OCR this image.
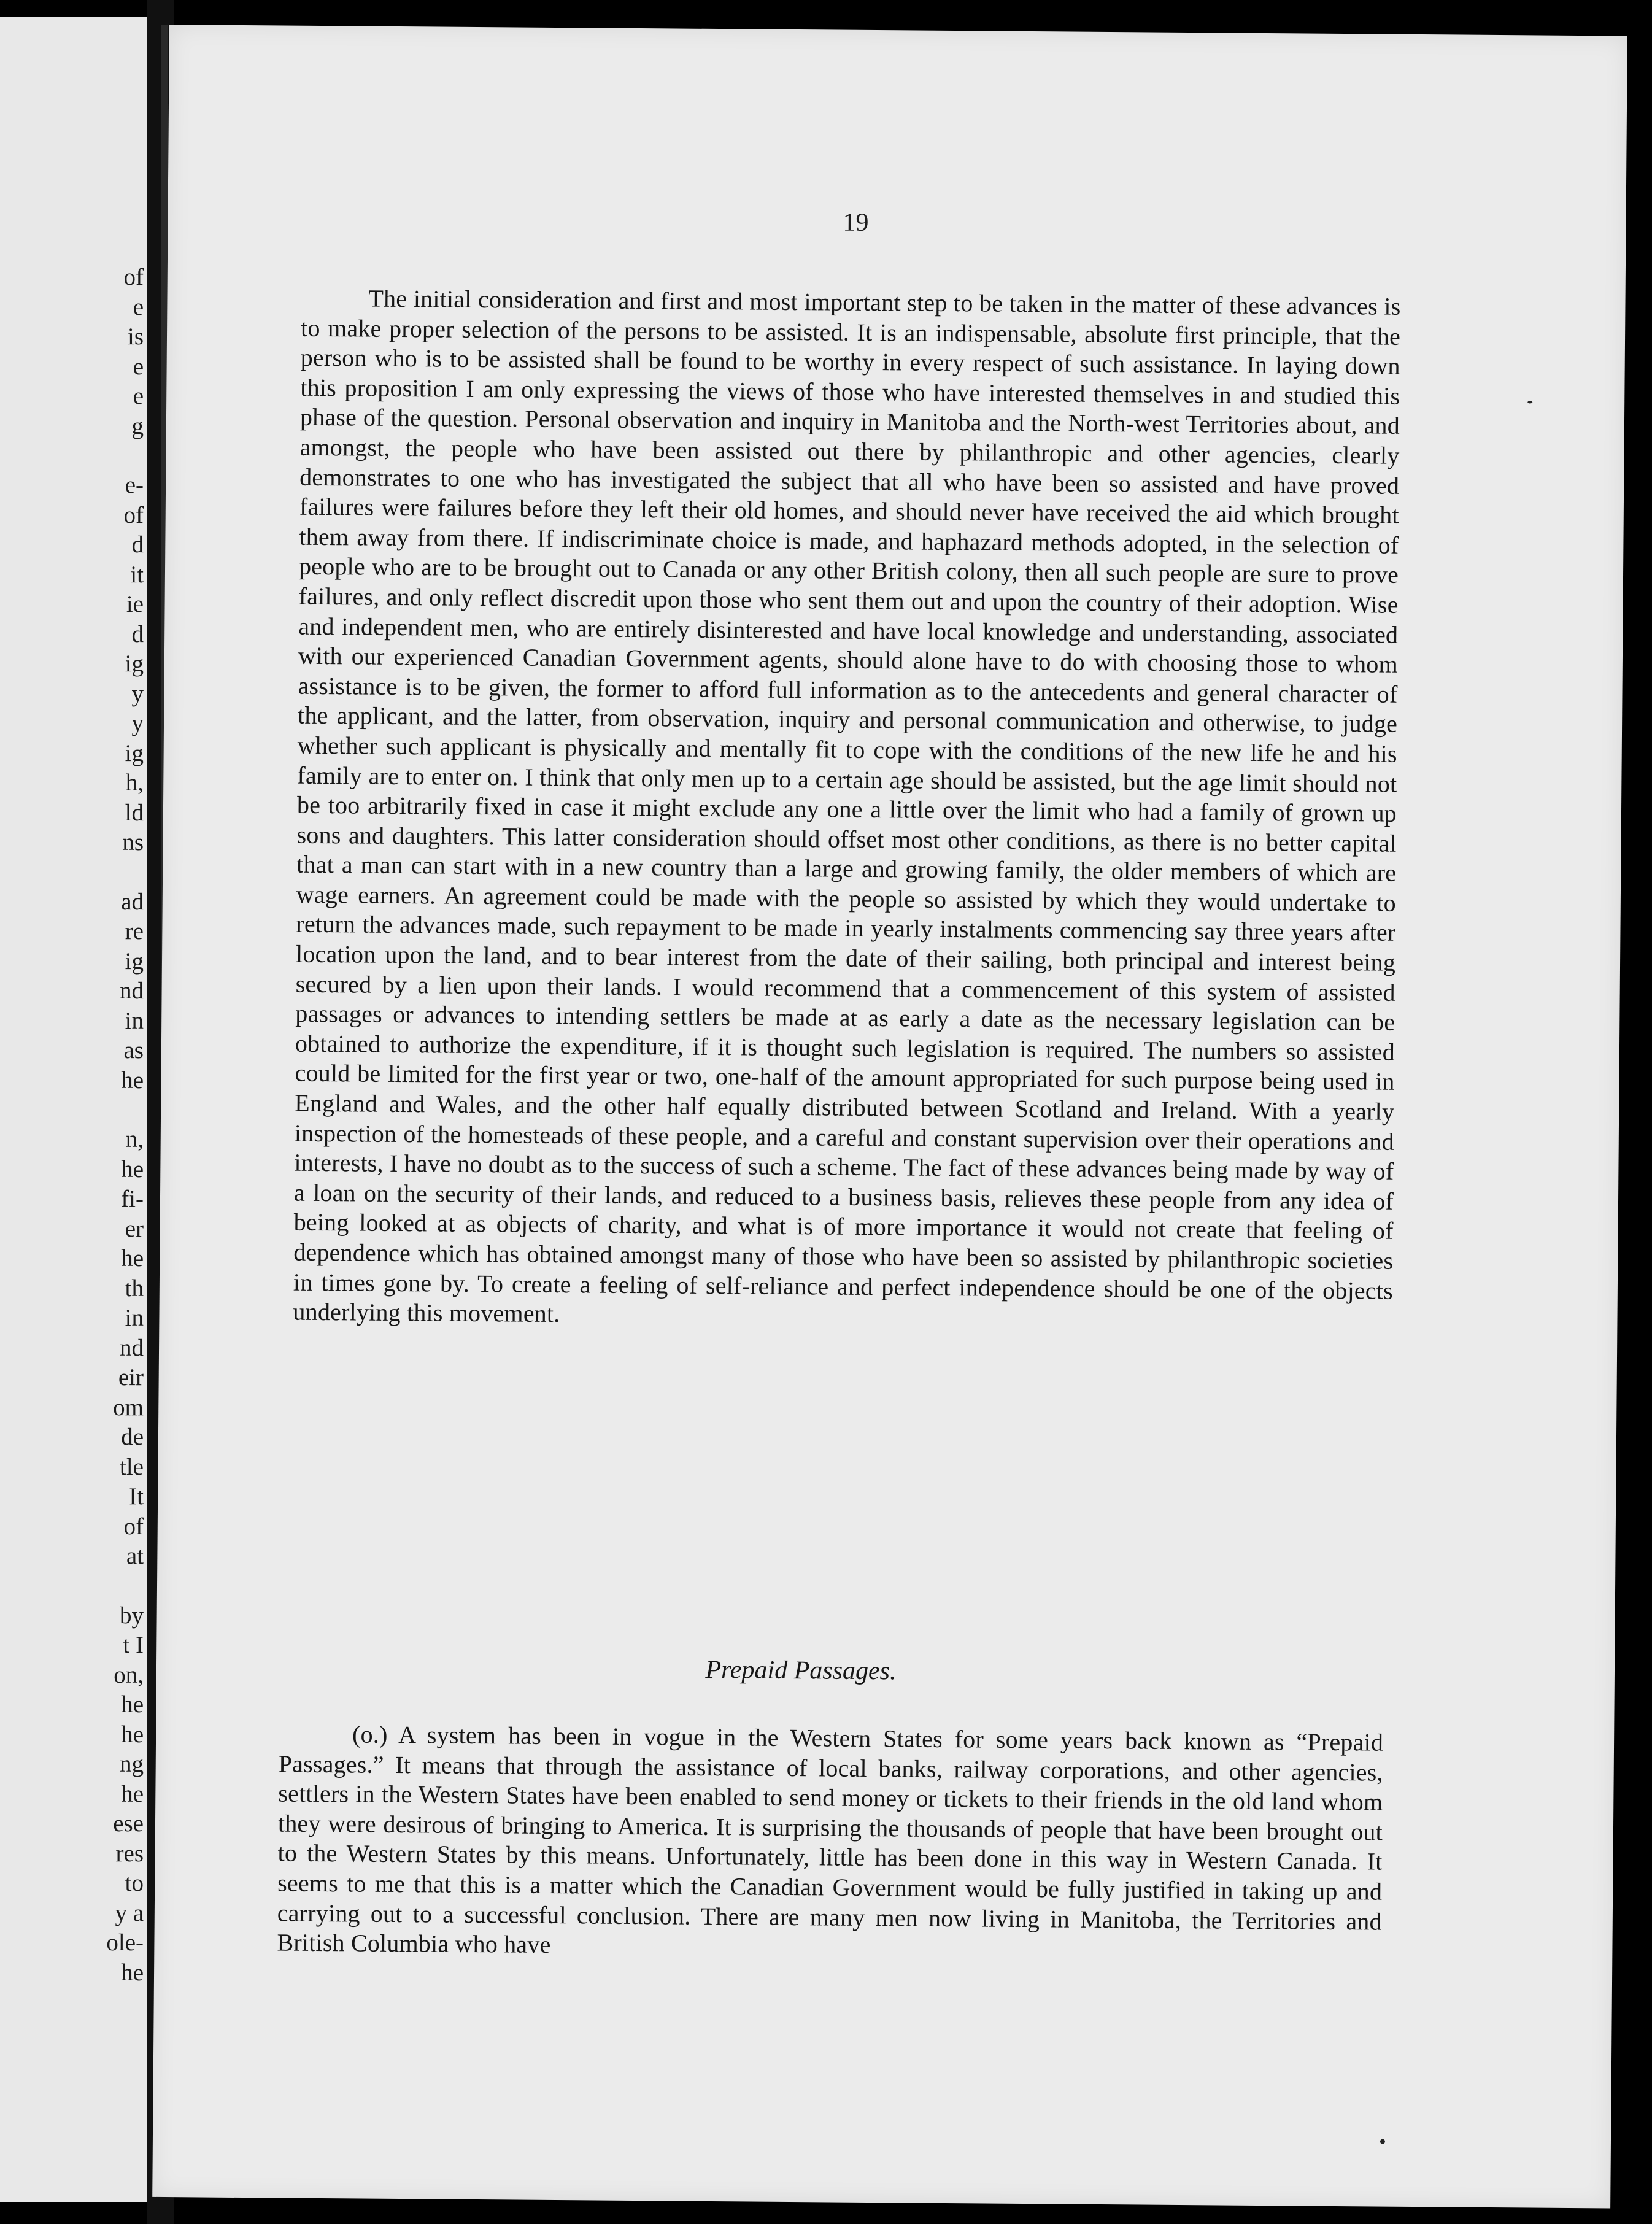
of
e
is
e
e
g
e-
of
d
it
ie
d
ig
y
y
ig
h,
ld
ns
ad
re
ig
nd
in
as
he
n,
he
fi-
er
he
th
in
nd
eir
om
de
tle
It
of
at
by
t I
on,
he
he
ng
he
ese
res
to
y a
ole-
he
19

The initial consideration and first and most important step to be taken in the matter of these advances is to make proper selection of the persons to be assisted. It is an indispensable, absolute first principle, that the person who is to be assisted shall be found to be worthy in every respect of such assistance. In laying down this proposition I am only expressing the views of those who have interested themselves in and studied this phase of the question. Personal observation and inquiry in Manitoba and the North-west Territories about, and amongst, the people who have been assisted out there by philanthropic and other agencies, clearly demonstrates to one who has investigated the subject that all who have been so assisted and have proved failures were failures before they left their old homes, and should never have received the aid which brought them away from there. If indiscriminate choice is made, and haphazard methods adopted, in the selection of people who are to be brought out to Canada or any other British colony, then all such people are sure to prove failures, and only reflect discredit upon those who sent them out and upon the country of their adoption. Wise and independent men, who are entirely disinterested and have local knowledge and understanding, associated with our experienced Canadian Government agents, should alone have to do with choosing those to whom assistance is to be given, the former to afford full information as to the antecedents and general character of the applicant, and the latter, from observation, inquiry and personal communication and otherwise, to judge whether such applicant is physically and mentally fit to cope with the conditions of the new life he and his family are to enter on. I think that only men up to a certain age should be assisted, but the age limit should not be too arbitrarily fixed in case it might exclude any one a little over the limit who had a family of grown up sons and daughters. This latter consideration should offset most other conditions, as there is no better capital that a man can start with in a new country than a large and growing family, the older members of which are wage earners. An agreement could be made with the people so assisted by which they would undertake to return the advances made, such repayment to be made in yearly instalments commencing say three years after location upon the land, and to bear interest from the date of their sailing, both principal and interest being secured by a lien upon their lands. I would recommend that a commencement of this system of assisted passages or advances to intending settlers be made at as early a date as the necessary legislation can be obtained to authorize the expenditure, if it is thought such legislation is required. The numbers so assisted could be limited for the first year or two, one-half of the amount appropriated for such purpose being used in England and Wales, and the other half equally distributed between Scotland and Ireland. With a yearly inspection of the homesteads of these people, and a careful and constant supervision over their operations and interests, I have no doubt as to the success of such a scheme. The fact of these advances being made by way of a loan on the security of their lands, and reduced to a business basis, relieves these people from any idea of being looked at as objects of charity, and what is of more importance it would not create that feeling of dependence which has obtained amongst many of those who have been so assisted by philanthropic societies in times gone by. To create a feeling of self-reliance and perfect independence should be one of the objects underlying this movement.

Prepaid Passages.

(o.) A system has been in vogue in the Western States for some years back known as “Prepaid Passages.” It means that through the assistance of local banks, railway corporations, and other agencies, settlers in the Western States have been enabled to send money or tickets to their friends in the old land whom they were desirous of bringing to America. It is surprising the thousands of people that have been brought out to the Western States by this means. Unfortunately, little has been done in this way in Western Canada. It seems to me that this is a matter which the Canadian Government would be fully justified in taking up and carrying out to a successful conclusion. There are many men now living in Manitoba, the Territories and British Columbia who have
